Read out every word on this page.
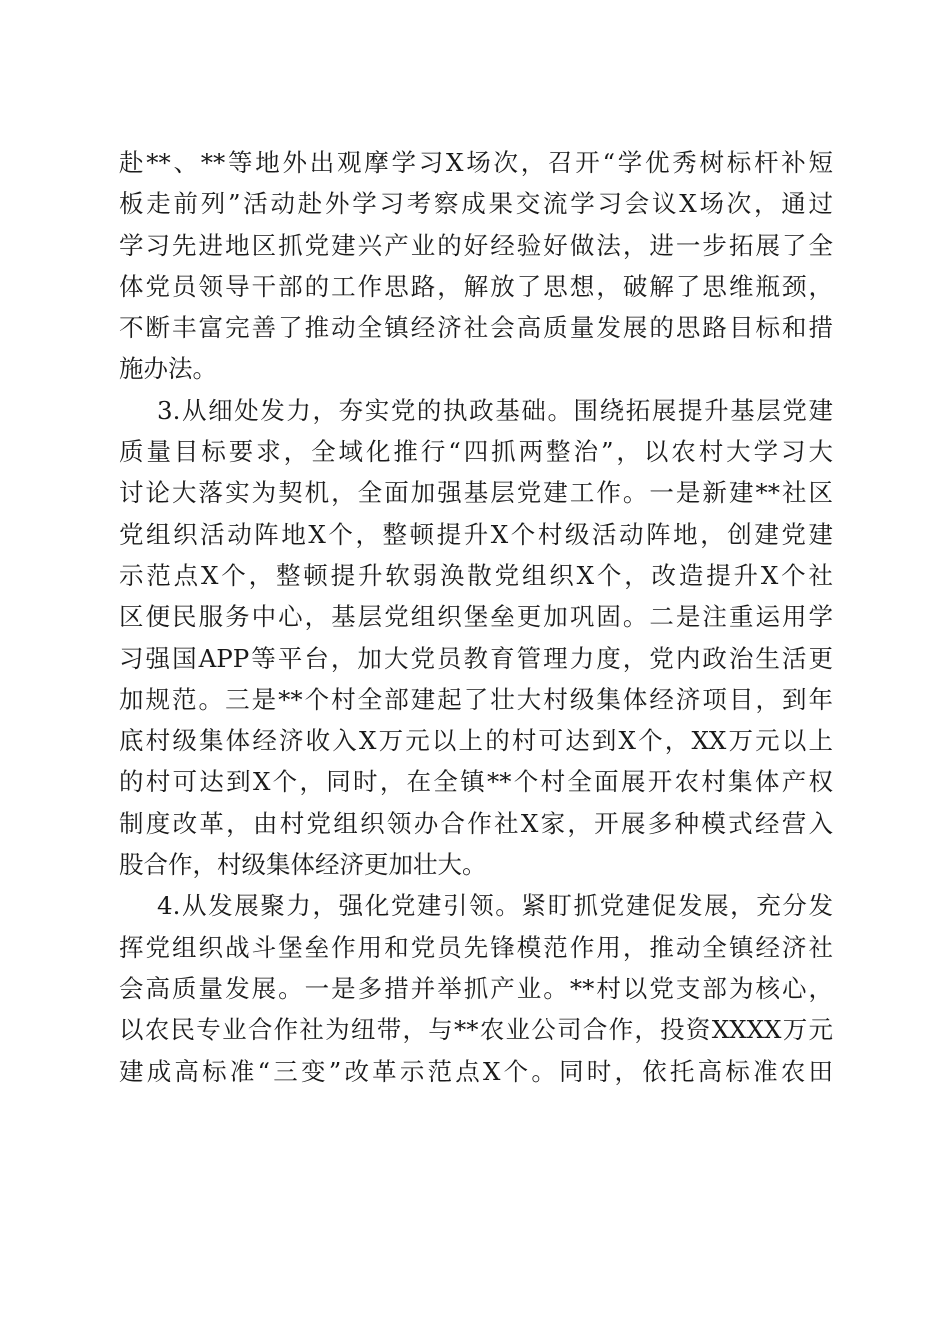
赴**、**等地外出观摩学习X场次，召开“学优秀树标杆补短
板走前列”活动赴外学习考察成果交流学习会议X场次，通过
学习先进地区抓党建兴产业的好经验好做法，进一步拓展了全
体党员领导干部的工作思路，解放了思想，破解了思维瓶颈，
不断丰富完善了推动全镇经济社会高质量发展的思路目标和措
施办法。
3.从细处发力，夯实党的执政基础。围绕拓展提升基层党建
质量目标要求，全域化推行“四抓两整治”，以农村大学习大
讨论大落实为契机，全面加强基层党建工作。一是新建**社区
党组织活动阵地X个，整顿提升X个村级活动阵地，创建党建
示范点X个，整顿提升软弱涣散党组织X个，改造提升X个社
区便民服务中心，基层党组织堡垒更加巩固。二是注重运用学
习强国APP等平台，加大党员教育管理力度，党内政治生活更
加规范。三是**个村全部建起了壮大村级集体经济项目，到年
底村级集体经济收入X万元以上的村可达到X个，XX万元以上
的村可达到X个，同时，在全镇**个村全面展开农村集体产权
制度改革，由村党组织领办合作社X家，开展多种模式经营入
股合作，村级集体经济更加壮大。
4.从发展聚力，强化党建引领。紧盯抓党建促发展，充分发
挥党组织战斗堡垒作用和党员先锋模范作用，推动全镇经济社
会高质量发展。一是多措并举抓产业。**村以党支部为核心，
以农民专业合作社为纽带，与**农业公司合作，投资XXXX万元
建成高标准“三变”改革示范点X个。同时，依托高标准农田
